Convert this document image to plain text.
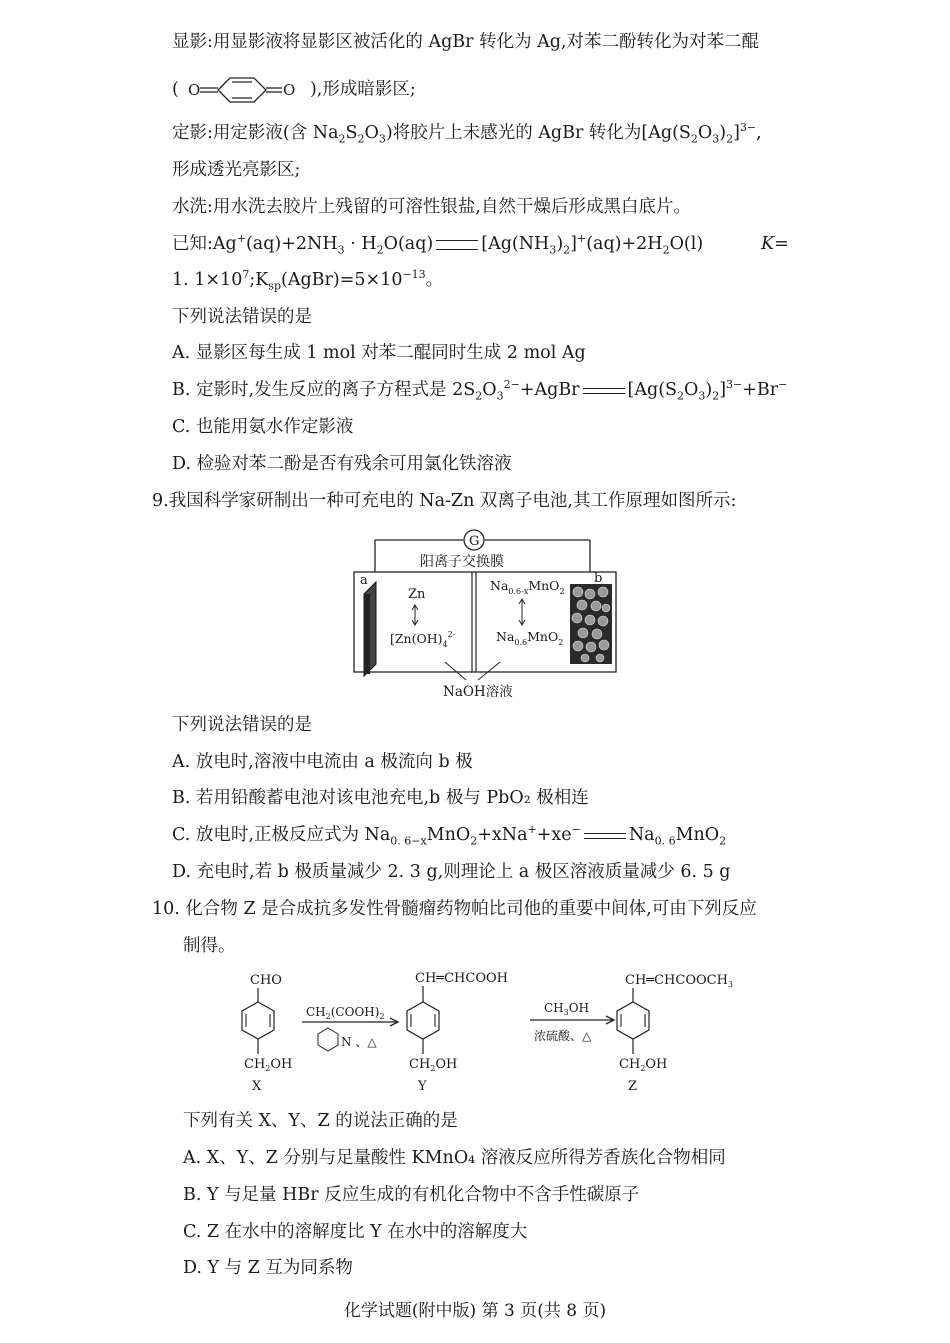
显影:用显影液将显影区被活化的 AgBr 转化为 Ag,对苯二酚转化为对苯二醌
( O	O ),形成暗影区;
定影:用定影液(含 $Na_2S_2O_3$)将胶片上未感光的 AgBr 转化为$[Ag(S_2O_3)_2]^{3-}$,
形成透光亮影区;
水洗:用水洗去胶片上残留的可溶性银盐,自然干燥后形成黑白底片。
已知$:Ag^+(aq)+2NH_3 \cdot H_2O(aq)$	$[Ag(NH_3)_2]^+(aq)+2H_2O(l)$	K=
1. $1\times 10^7;K_{sp}(AgBr)=5\times 10^{-13}$。
下列说法错误的是
A. 显影区每生成 1 mol 对苯二醌同时生成 2 mol Ag
B. 定影时,发生反应的离子方程式是 $2S_2O_3^{2-}+AgBr$	$[Ag(S_2O_3)_2]^{3-}+Br^-$
C. 也能用氨水作定影液
D. 检验对苯二酚是否有残余可用氯化铁溶液
9.我国科学家研制出一种可充电的 Na-Zn 双离子电池,其工作原理如图所示:
G
阳离子交换膜
a	b
Zn
[$Zn(OH)_4^{2-}$
$Na_{0.6-x}MnO_2$
$Na_{0.6}MnO_2$
NaOH溶液
下列说法错误的是
A. 放电时,溶液中电流由 a 极流向 b 极
B. 若用铅酸蓄电池对该电池充电,b 极与 PbO₂ 极相连
C. 放电时,正极反应式为 $Na_{0. 6-x}MnO_2+xNa^++xe^-$	$Na_{0. 6}MnO_2$
D. 充电时,若 b 极质量减少 2. 3 g,则理论上 a 极区溶液质量减少 6. 5 g
10. 化合物 Z 是合成抗多发性骨髓瘤药物帕比司他的重要中间体,可由下列反应
制得。
CHO
$CH_2OH$
X
$CH_2(COOH)_2$
N 、△
CH═CHCOOH
$CH_2OH$
Y
$CH_3OH$
浓硫酸、△
$CH═CHCOOCH_3$
$CH_2OH$
Z
下列有关 X、Y、Z 的说法正确的是
A. X、Y、Z 分别与足量酸性 KMnO₄ 溶液反应所得芳香族化合物相同
B. Y 与足量 HBr 反应生成的有机化合物中不含手性碳原子
C. Z 在水中的溶解度比 Y 在水中的溶解度大
D. Y 与 Z 互为同系物
化学试题(附中版) 第 3 页(共 8 页)
